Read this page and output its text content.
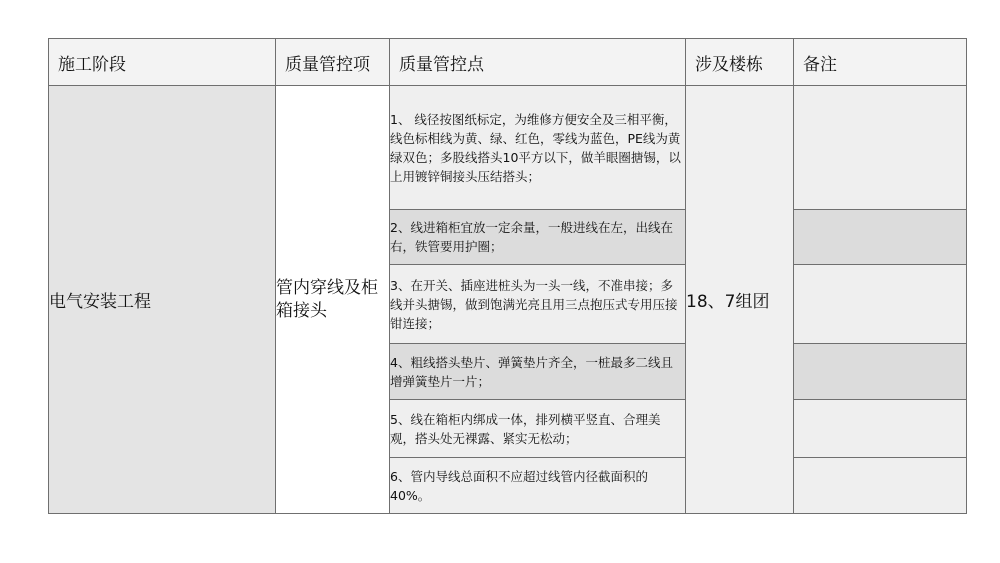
施工阶段	质量管控项	质量管控点	涉及楼栋	备注
电气安装工程	管内穿线及柜箱接头	1、 线径按图纸标定，为维修方便安全及三相平衡，线色标相线为黄、绿、红色，零线为蓝色，PE线为黄绿双色；多股线搭头10平方以下，做羊眼圈搪锡，以上用镀锌铜接头压结搭头；	18、7组团	
		2、线进箱柜宜放一定余量，一般进线在左，出线在右，铁管要用护圈；		
		3、在开关、插座进桩头为一头一线，不准串接；多线并头搪锡，做到饱满光亮且用三点抱压式专用压接钳连接；		
		4、粗线搭头垫片、弹簧垫片齐全，一桩最多二线且增弹簧垫片一片；		
		5、线在箱柜内绑成一体，排列横平竖直、合理美观，搭头处无裸露、紧实无松动；		
		6、管内导线总面积不应超过线管内径截面积的40%。		
